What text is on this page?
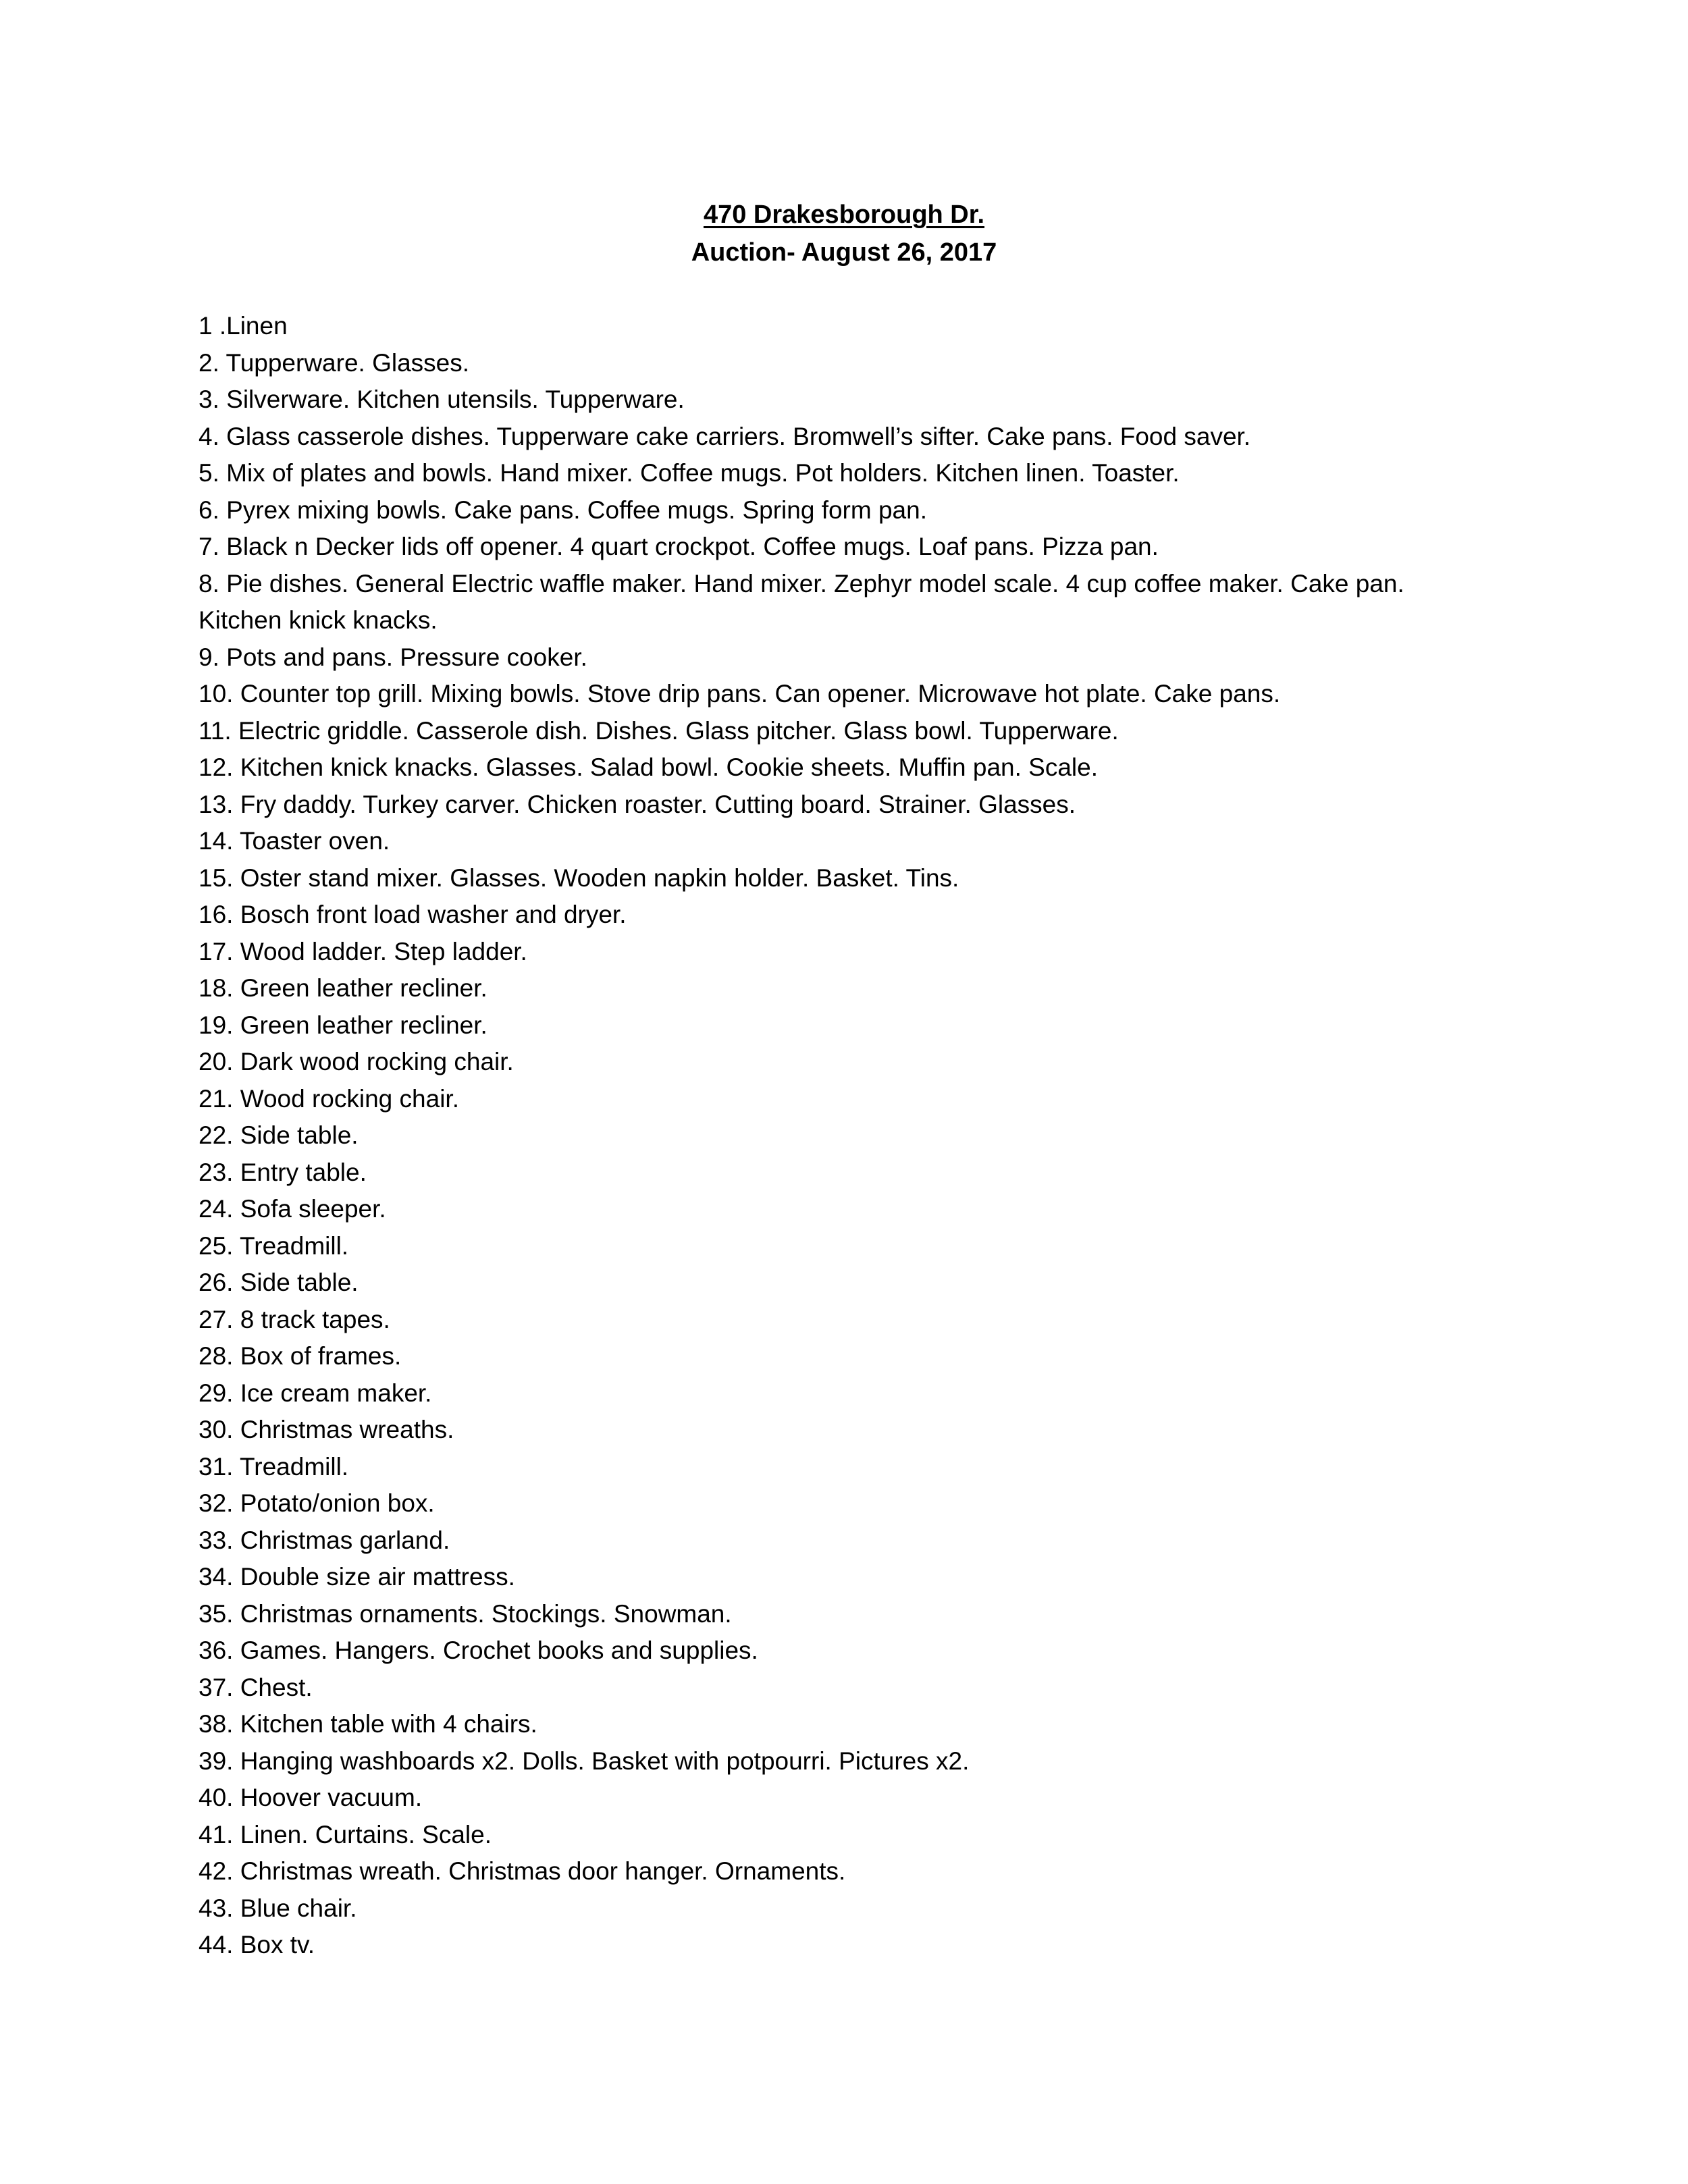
470 Drakesborough Dr.

Auction- August 26, 2017

1 .Linen
2. Tupperware. Glasses.
3. Silverware. Kitchen utensils. Tupperware.
4. Glass casserole dishes. Tupperware cake carriers. Bromwell’s sifter. Cake pans. Food saver.
5. Mix of plates and bowls. Hand mixer. Coffee mugs. Pot holders. Kitchen linen. Toaster.
6. Pyrex mixing bowls. Cake pans. Coffee mugs. Spring form pan.
7. Black n Decker lids off opener. 4 quart crockpot. Coffee mugs. Loaf pans. Pizza pan.
8. Pie dishes. General Electric waffle maker. Hand mixer. Zephyr model scale. 4 cup coffee maker. Cake pan. Kitchen knick knacks.
9. Pots and pans. Pressure cooker.
10. Counter top grill. Mixing bowls. Stove drip pans. Can opener. Microwave hot plate. Cake pans.
11. Electric griddle. Casserole dish. Dishes. Glass pitcher. Glass bowl. Tupperware.
12. Kitchen knick knacks. Glasses. Salad bowl. Cookie sheets. Muffin pan. Scale.
13. Fry daddy. Turkey carver. Chicken roaster. Cutting board. Strainer. Glasses.
14. Toaster oven.
15. Oster stand mixer. Glasses. Wooden napkin holder. Basket. Tins.
16. Bosch front load washer and dryer.
17. Wood ladder. Step ladder.
18. Green leather recliner.
19. Green leather recliner.
20. Dark wood rocking chair.
21. Wood rocking chair.
22. Side table.
23. Entry table.
24. Sofa sleeper.
25. Treadmill.
26. Side table.
27. 8 track tapes.
28. Box of frames.
29. Ice cream maker.
30. Christmas wreaths.
31. Treadmill.
32. Potato/onion box.
33. Christmas garland.
34. Double size air mattress.
35. Christmas ornaments. Stockings. Snowman.
36. Games. Hangers. Crochet books and supplies.
37. Chest.
38. Kitchen table with 4 chairs.
39. Hanging washboards x2. Dolls. Basket with potpourri. Pictures x2.
40. Hoover vacuum.
41. Linen. Curtains. Scale.
42. Christmas wreath. Christmas door hanger. Ornaments.
43. Blue chair.
44. Box tv.
